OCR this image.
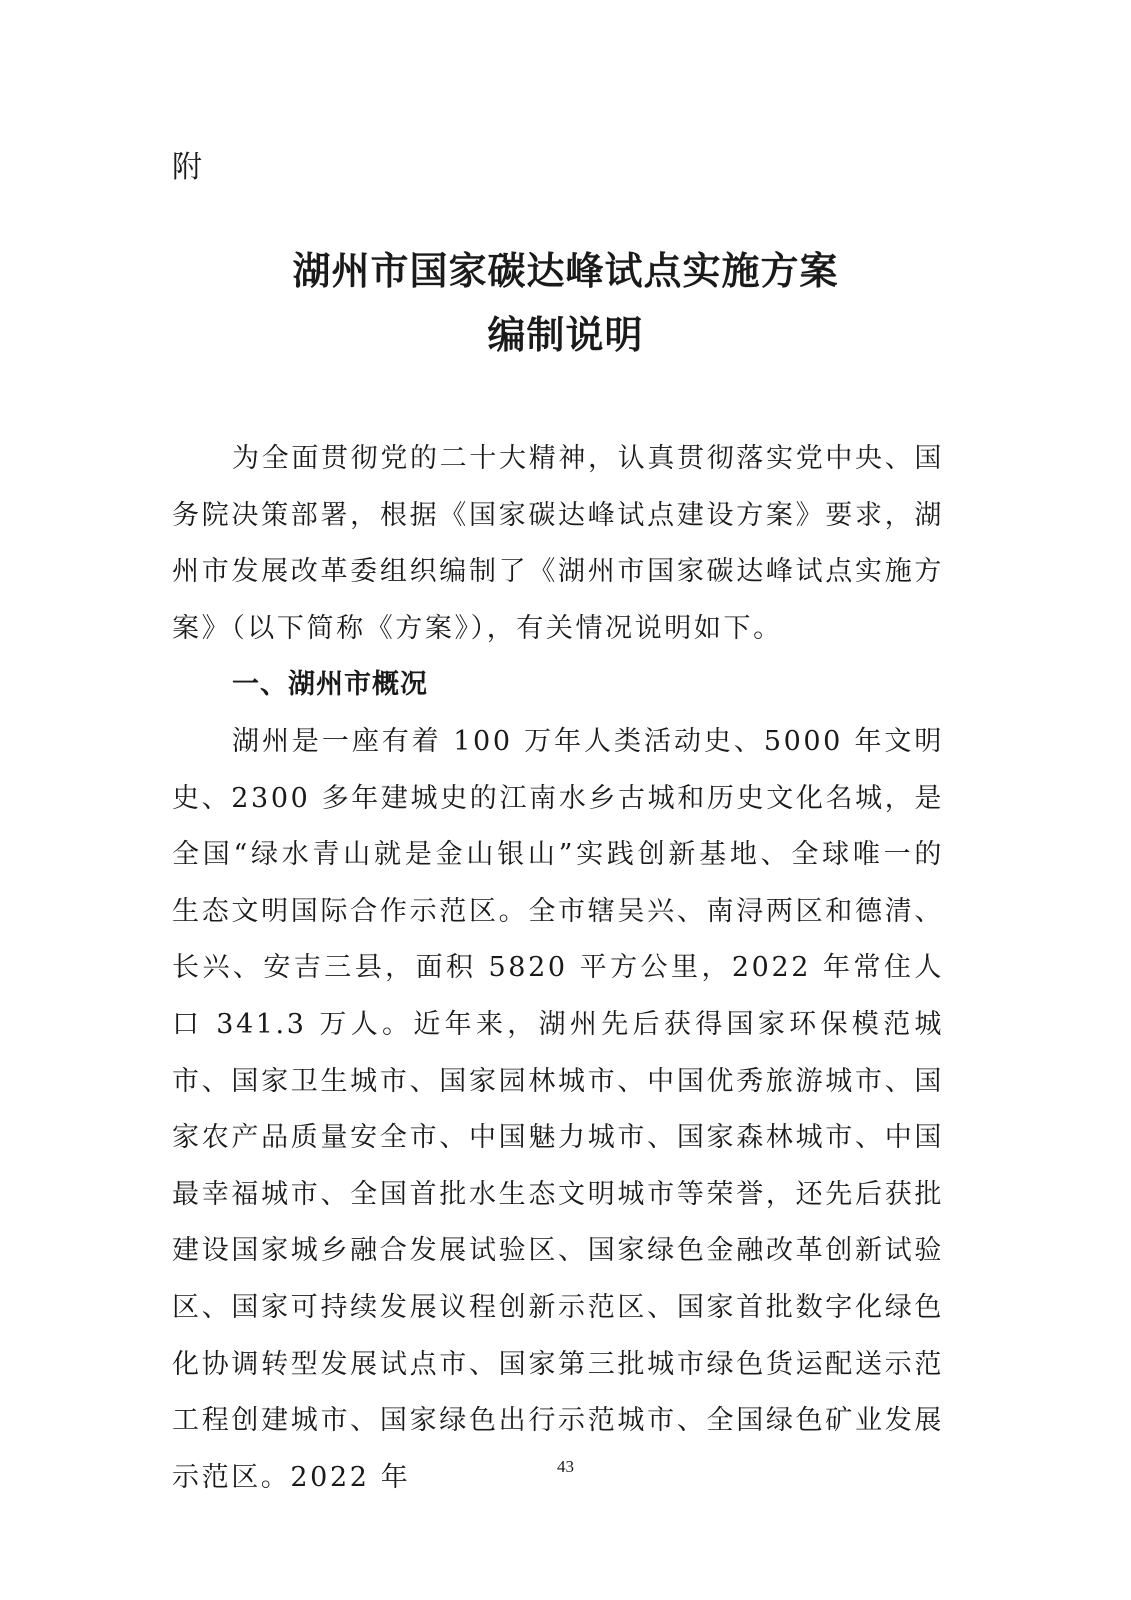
附
湖州市国家碳达峰试点实施方案
编制说明

为全面贯彻党的二十大精神，认真贯彻落实党中央、国务院决策部署，根据《国家碳达峰试点建设方案》要求，湖州市发展改革委组织编制了《湖州市国家碳达峰试点实施方案》（以下简称《方案》），有关情况说明如下。

一、湖州市概况

湖州是一座有着 100 万年人类活动史、5000 年文明史、2300 多年建城史的江南水乡古城和历史文化名城，是全国“绿水青山就是金山银山”实践创新基地、全球唯一的生态文明国际合作示范区。全市辖吴兴、南浔两区和德清、长兴、安吉三县，面积 5820 平方公里，2022 年常住人口 341.3 万人。近年来，湖州先后获得国家环保模范城市、国家卫生城市、国家园林城市、中国优秀旅游城市、国家农产品质量安全市、中国魅力城市、国家森林城市、中国最幸福城市、全国首批水生态文明城市等荣誉，还先后获批建设国家城乡融合发展试验区、国家绿色金融改革创新试验区、国家可持续发展议程创新示范区、国家首批数字化绿色化协调转型发展试点市、国家第三批城市绿色货运配送示范工程创建城市、国家绿色出行示范城市、全国绿色矿业发展示范区。2022 年	43
